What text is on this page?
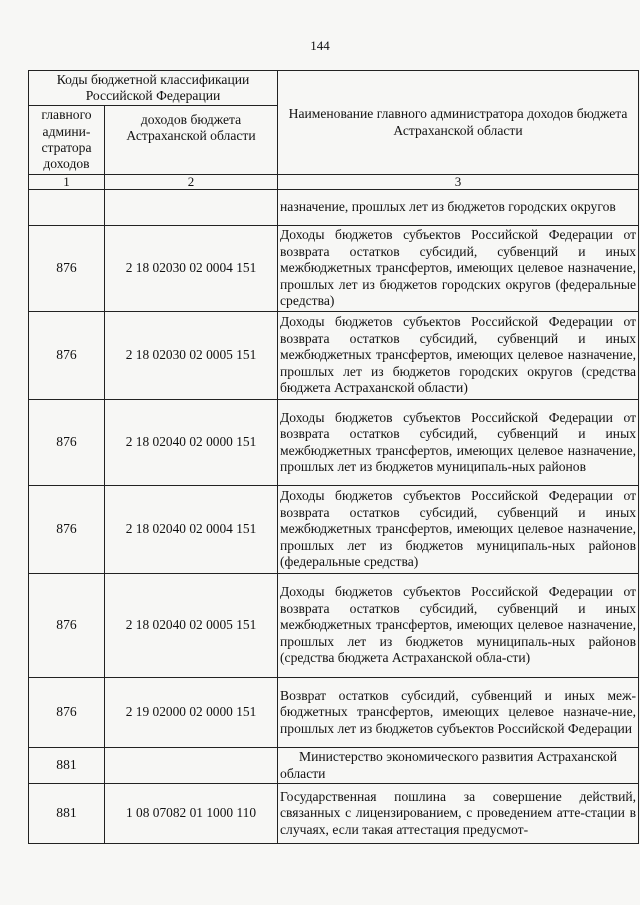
144
Коды бюджетной классификации Российской Федерации		Наименование главного администратора доходов бюджета Астраханской области
главного админи-стратора доходов	доходов бюджета Астраханской области	
1	2	3
		назначение, прошлых лет из бюджетов городских округов
876	2 18 02030 02 0004 151	Доходы бюджетов субъектов Российской Федерации от возврата остатков субсидий, субвенций и иных межбюджетных трансфертов, имеющих целевое назначение, прошлых лет из бюджетов городских округов (федеральные средства)
876	2 18 02030 02 0005 151	Доходы бюджетов субъектов Российской Федерации от возврата остатков субсидий, субвенций и иных межбюджетных трансфертов, имеющих целевое назначение, прошлых лет из бюджетов городских округов (средства бюджета Астраханской области)
876	2 18 02040 02 0000 151	Доходы бюджетов субъектов Российской Федерации от возврата остатков субсидий, субвенций и иных межбюджетных трансфертов, имеющих целевое назначение, прошлых лет из бюджетов муниципаль-ных районов
876	2 18 02040 02 0004 151	Доходы бюджетов субъектов Российской Федерации от возврата остатков субсидий, субвенций и иных межбюджетных трансфертов, имеющих целевое назначение, прошлых лет из бюджетов муниципаль-ных районов (федеральные средства)
876	2 18 02040 02 0005 151	Доходы бюджетов субъектов Российской Федерации от возврата остатков субсидий, субвенций и иных межбюджетных трансфертов, имеющих целевое назначение, прошлых лет из бюджетов муниципаль-ных районов (средства бюджета Астраханской обла-сти)
876	2 19 02000 02 0000 151	Возврат остатков субсидий, субвенций и иных меж-бюджетных трансфертов, имеющих целевое назначе-ние, прошлых лет из бюджетов субъектов Российской Федерации
881		Министерство экономического развития Астраханской области
881	1 08 07082 01 1000 110	Государственная пошлина за совершение действий, связанных с лицензированием, с проведением атте-стации в случаях, если такая аттестация предусмот-
